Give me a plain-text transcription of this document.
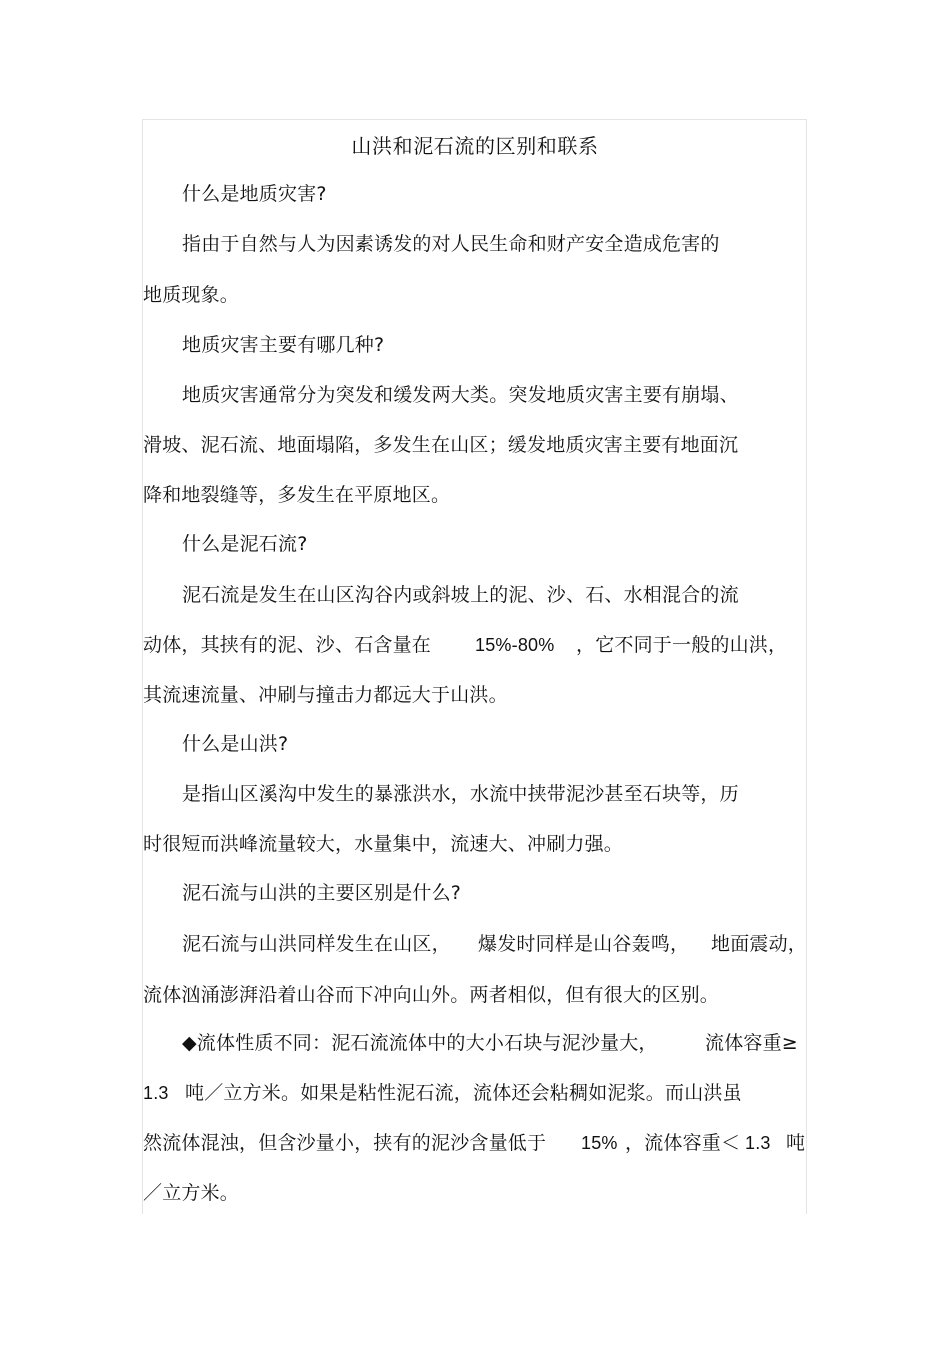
山洪和泥石流的区别和联系
什么是地质灾害?
指由于自然与人为因素诱发的对人民生命和财产安全造成危害的
地质现象。
地质灾害主要有哪几种?
地质灾害通常分为突发和缓发两大类。突发地质灾害主要有崩塌、
滑坡、泥石流、地面塌陷，多发生在山区；缓发地质灾害主要有地面沉
降和地裂缝等，多发生在平原地区。
什么是泥石流?
泥石流是发生在山区沟谷内或斜坡上的泥、沙、石、水相混合的流
动体，其挟有的泥、沙、石含量在 15%-80% ，它不同于一般的山洪，
其流速流量、冲刷与撞击力都远大于山洪。
什么是山洪?
是指山区溪沟中发生的暴涨洪水，水流中挟带泥沙甚至石块等，历
时很短而洪峰流量较大，水量集中，流速大、冲刷力强。
泥石流与山洪的主要区别是什么?
泥石流与山洪同样发生在山区， 爆发时同样是山谷轰鸣， 地面震动，
流体汹涌澎湃沿着山谷而下冲向山外。两者相似，但有很大的区别。
◆流体性质不同：泥石流流体中的大小石块与泥沙量大， 流体容重≥
1.3 吨／立方米。如果是粘性泥石流，流体还会粘稠如泥浆。而山洪虽
然流体混浊，但含沙量小，挟有的泥沙含量低于 15% ，流体容重＜ 1.3 吨
／立方米。
